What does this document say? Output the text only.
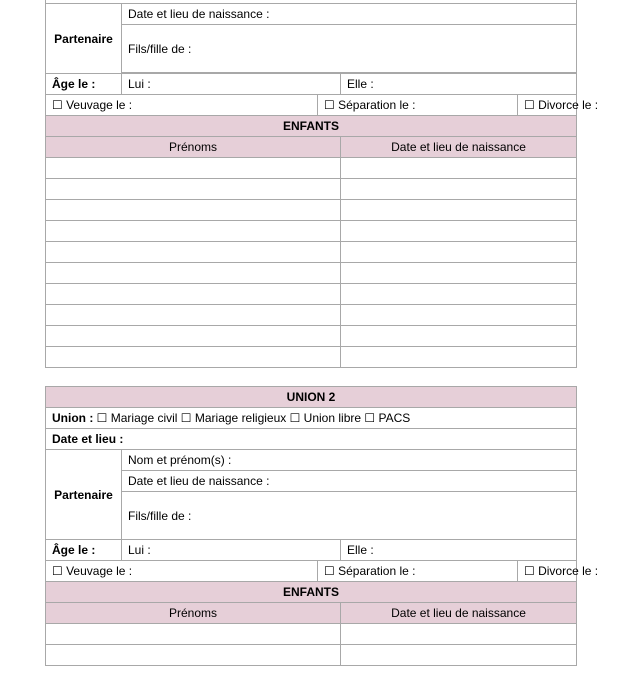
Partenaire	Date et lieu de naissance :			
	Fils/fille de :			

Âge le :	Lui :		Elle :	
☐ Veuvage le :		☐ Séparation le :		☐ Divorce le :
ENFANTS				
Prénoms			Date et lieu de naissance	

UNION 2				
Union : ☐ Mariage civil ☐ Mariage religieux ☐ Union libre ☐ PACS				
Date et lieu :				
Partenaire	Nom et prénom(s) :			
	Date et lieu de naissance :			
	Fils/fille de :			
Âge le :	Lui :		Elle :	
☐ Veuvage le :		☐ Séparation le :		☐ Divorce le :
ENFANTS				
Prénoms			Date et lieu de naissance	
